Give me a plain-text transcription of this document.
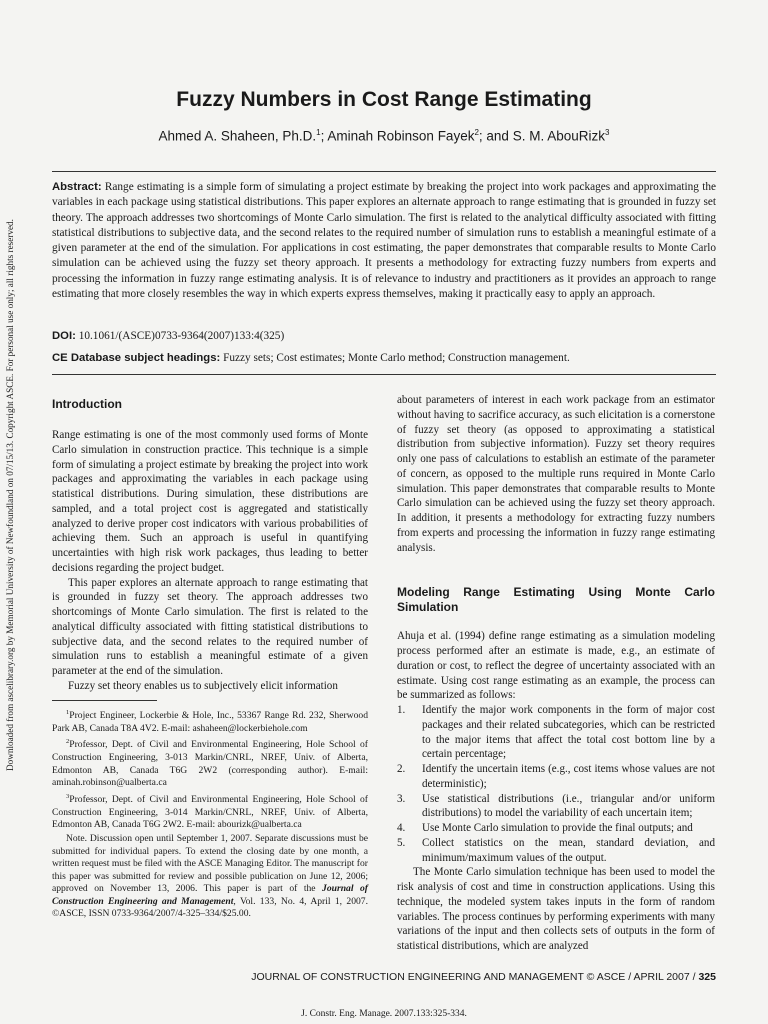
Downloaded from ascelibrary.org by Memorial University of Newfoundland on 07/15/13. Copyright ASCE. For personal use only; all rights reserved.
Fuzzy Numbers in Cost Range Estimating

Ahmed A. Shaheen, Ph.D.$^1$; Aminah Robinson Fayek$^2$; and S. M. AbouRizk$^3$

Abstract: Range estimating is a simple form of simulating a project estimate by breaking the project into work packages and approximating the variables in each package using statistical distributions. This paper explores an alternate approach to range estimating that is grounded in fuzzy set theory. The approach addresses two shortcomings of Monte Carlo simulation. The first is related to the analytical difficulty associated with fitting statistical distributions to subjective data, and the second relates to the required number of simulation runs to establish a meaningful estimate of a given parameter at the end of the simulation. For applications in cost estimating, the paper demonstrates that comparable results to Monte Carlo simulation can be achieved using the fuzzy set theory approach. It presents a methodology for extracting fuzzy numbers from experts and processing the information in fuzzy range estimating analysis. It is of relevance to industry and practitioners as it provides an approach to range estimating that more closely resembles the way in which experts express themselves, making it practically easy to apply an approach.

DOI: 10.1061/(ASCE)0733-9364(2007)133:4(325)

CE Database subject headings: Fuzzy sets; Cost estimates; Monte Carlo method; Construction management.

Introduction

Range estimating is one of the most commonly used forms of Monte Carlo simulation in construction practice. This technique is a simple form of simulating a project estimate by breaking the project into work packages and approximating the variables in each package using statistical distributions. During simulation, these distributions are sampled, and a total project cost is aggregated and statistically analyzed to derive proper cost indicators with various probabilities of achieving them. Such an approach is useful in quantifying uncertainties with high risk work packages, thus leading to better decisions regarding the project budget.

This paper explores an alternate approach to range estimating that is grounded in fuzzy set theory. The approach addresses two shortcomings of Monte Carlo simulation. The first is related to the analytical difficulty associated with fitting statistical distributions to subjective data, and the second relates to the required number of simulation runs to establish a meaningful estimate of a given parameter at the end of the simulation.

Fuzzy set theory enables us to subjectively elicit information

$^1$Project Engineer, Lockerbie & Hole, Inc., 53367 Range Rd. 232, Sherwood Park AB, Canada T8A 4V2. E-mail: ashaheen@lockerbiehole.com

$^2$Professor, Dept. of Civil and Environmental Engineering, Hole School of Construction Engineering, 3-013 Markin/CNRL, NREF, Univ. of Alberta, Edmonton AB, Canada T6G 2W2 (corresponding author). E-mail: aminah.robinson@ualberta.ca

$^3$Professor, Dept. of Civil and Environmental Engineering, Hole School of Construction Engineering, 3-014 Markin/CNRL, NREF, Univ. of Alberta, Edmonton AB, Canada T6G 2W2. E-mail: abourizk@ualberta.ca

Note. Discussion open until September 1, 2007. Separate discussions must be submitted for individual papers. To extend the closing date by one month, a written request must be filed with the ASCE Managing Editor. The manuscript for this paper was submitted for review and possible publication on June 12, 2006; approved on November 13, 2006. This paper is part of the Journal of Construction Engineering and Management, Vol. 133, No. 4, April 1, 2007. ©ASCE, ISSN 0733-9364/2007/4-325–334/$25.00.

about parameters of interest in each work package from an estimator without having to sacrifice accuracy, as such elicitation is a cornerstone of fuzzy set theory (as opposed to approximating a statistical distribution from subjective information). Fuzzy set theory requires only one pass of calculations to establish an estimate of the parameter of concern, as opposed to the multiple runs required in Monte Carlo simulation. This paper demonstrates that comparable results to Monte Carlo simulation can be achieved using the fuzzy set theory approach. In addition, it presents a methodology for extracting fuzzy numbers from experts and processing the information in fuzzy range estimating analysis.

Modeling Range Estimating Using Monte Carlo Simulation

Ahuja et al. (1994) define range estimating as a simulation modeling process performed after an estimate is made, e.g., an estimate of duration or cost, to reflect the degree of uncertainty associated with an estimate. Using cost range estimating as an example, the process can be summarized as follows:

1. Identify the major work components in the form of major cost packages and their related subcategories, which can be restricted to the major items that affect the total cost bottom line by a certain percentage;
2. Identify the uncertain items (e.g., cost items whose values are not deterministic);
3. Use statistical distributions (i.e., triangular and/or uniform distributions) to model the variability of each uncertain item;
4. Use Monte Carlo simulation to provide the final outputs; and
5. Collect statistics on the mean, standard deviation, and minimum/maximum values of the output.

The Monte Carlo simulation technique has been used to model the risk analysis of cost and time in construction applications. Using this technique, the modeled system takes inputs in the form of random variables. The process continues by performing experiments with many variations of the input and then collects sets of outputs in the form of statistical distributions, which are analyzed

JOURNAL OF CONSTRUCTION ENGINEERING AND MANAGEMENT © ASCE / APRIL 2007 / 325

J. Constr. Eng. Manage. 2007.133:325-334.
